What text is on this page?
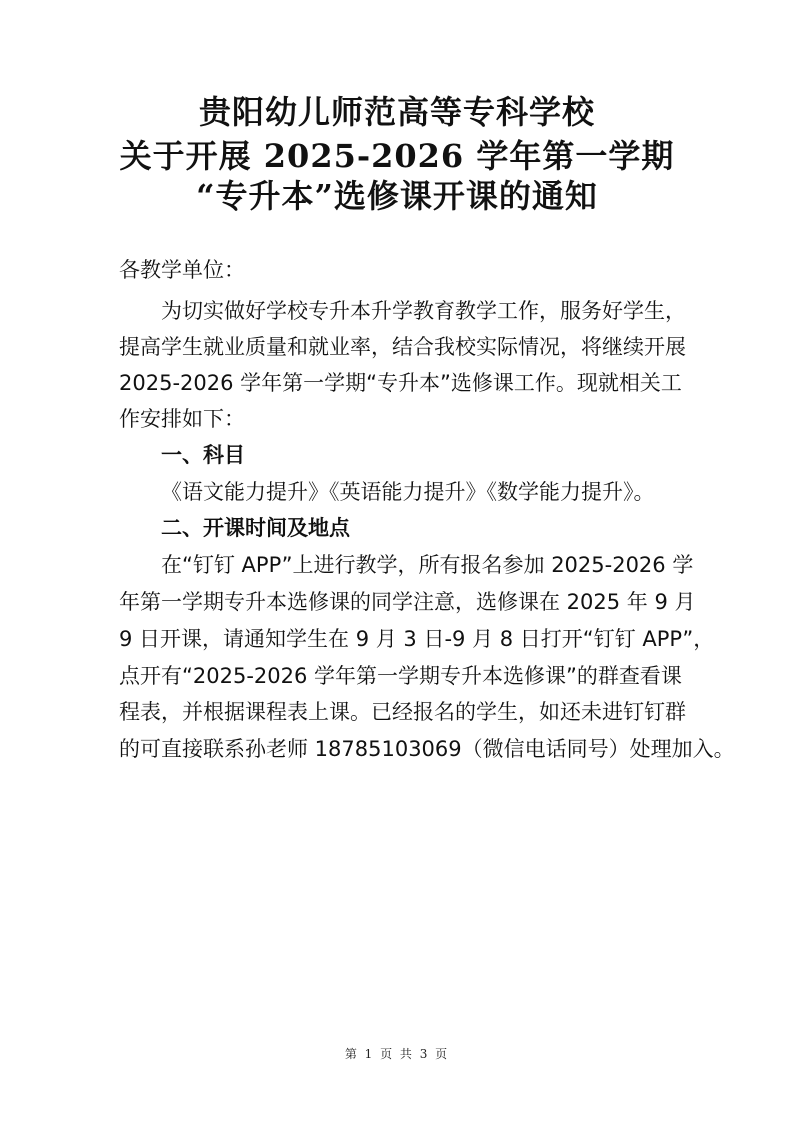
贵阳幼儿师范高等专科学校
关于开展 2025-2026 学年第一学期
“专升本”选修课开课的通知
各教学单位：
为切实做好学校专升本升学教育教学工作，服务好学生，
提高学生就业质量和就业率，结合我校实际情况，将继续开展
2025-2026 学年第一学期“专升本”选修课工作。现就相关工
作安排如下：
一、科目
《语文能力提升》《英语能力提升》《数学能力提升》。
二、开课时间及地点
在“钉钉 APP”上进行教学，所有报名参加 2025-2026 学
年第一学期专升本选修课的同学注意，选修课在 2025 年 9 月
9 日开课，请通知学生在 9 月 3 日-9 月 8 日打开“钉钉 APP”，
点开有“2025-2026 学年第一学期专升本选修课”的群查看课
程表，并根据课程表上课。已经报名的学生，如还未进钉钉群
的可直接联系孙老师 18785103069（微信电话同号）处理加入。
第 1 页 共 3 页
